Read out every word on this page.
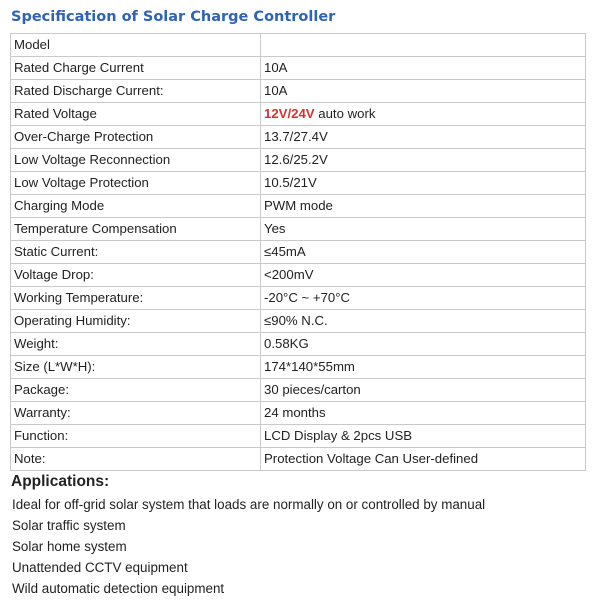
Specification of Solar Charge Controller
Model	
Rated Charge Current	10A
Rated Discharge Current:	10A
Rated Voltage	12V/24V auto work
Over-Charge Protection	13.7/27.4V
Low Voltage Reconnection	12.6/25.2V
Low Voltage Protection	10.5/21V
Charging Mode	PWM mode
Temperature Compensation	Yes
Static Current:	≤45mA
Voltage Drop:	<200mV
Working Temperature:	-20°C ~ +70°C
Operating Humidity:	≤90% N.C.
Weight:	0.58KG
Size (L*W*H):	174*140*55mm
Package:	30 pieces/carton
Warranty:	24 months
Function:	LCD Display & 2pcs USB
Note:	Protection Voltage Can User-defined
Applications:
Ideal for off-grid solar system that loads are normally on or controlled by manual
Solar traffic system
Solar home system
Unattended CCTV equipment
Wild automatic detection equipment
